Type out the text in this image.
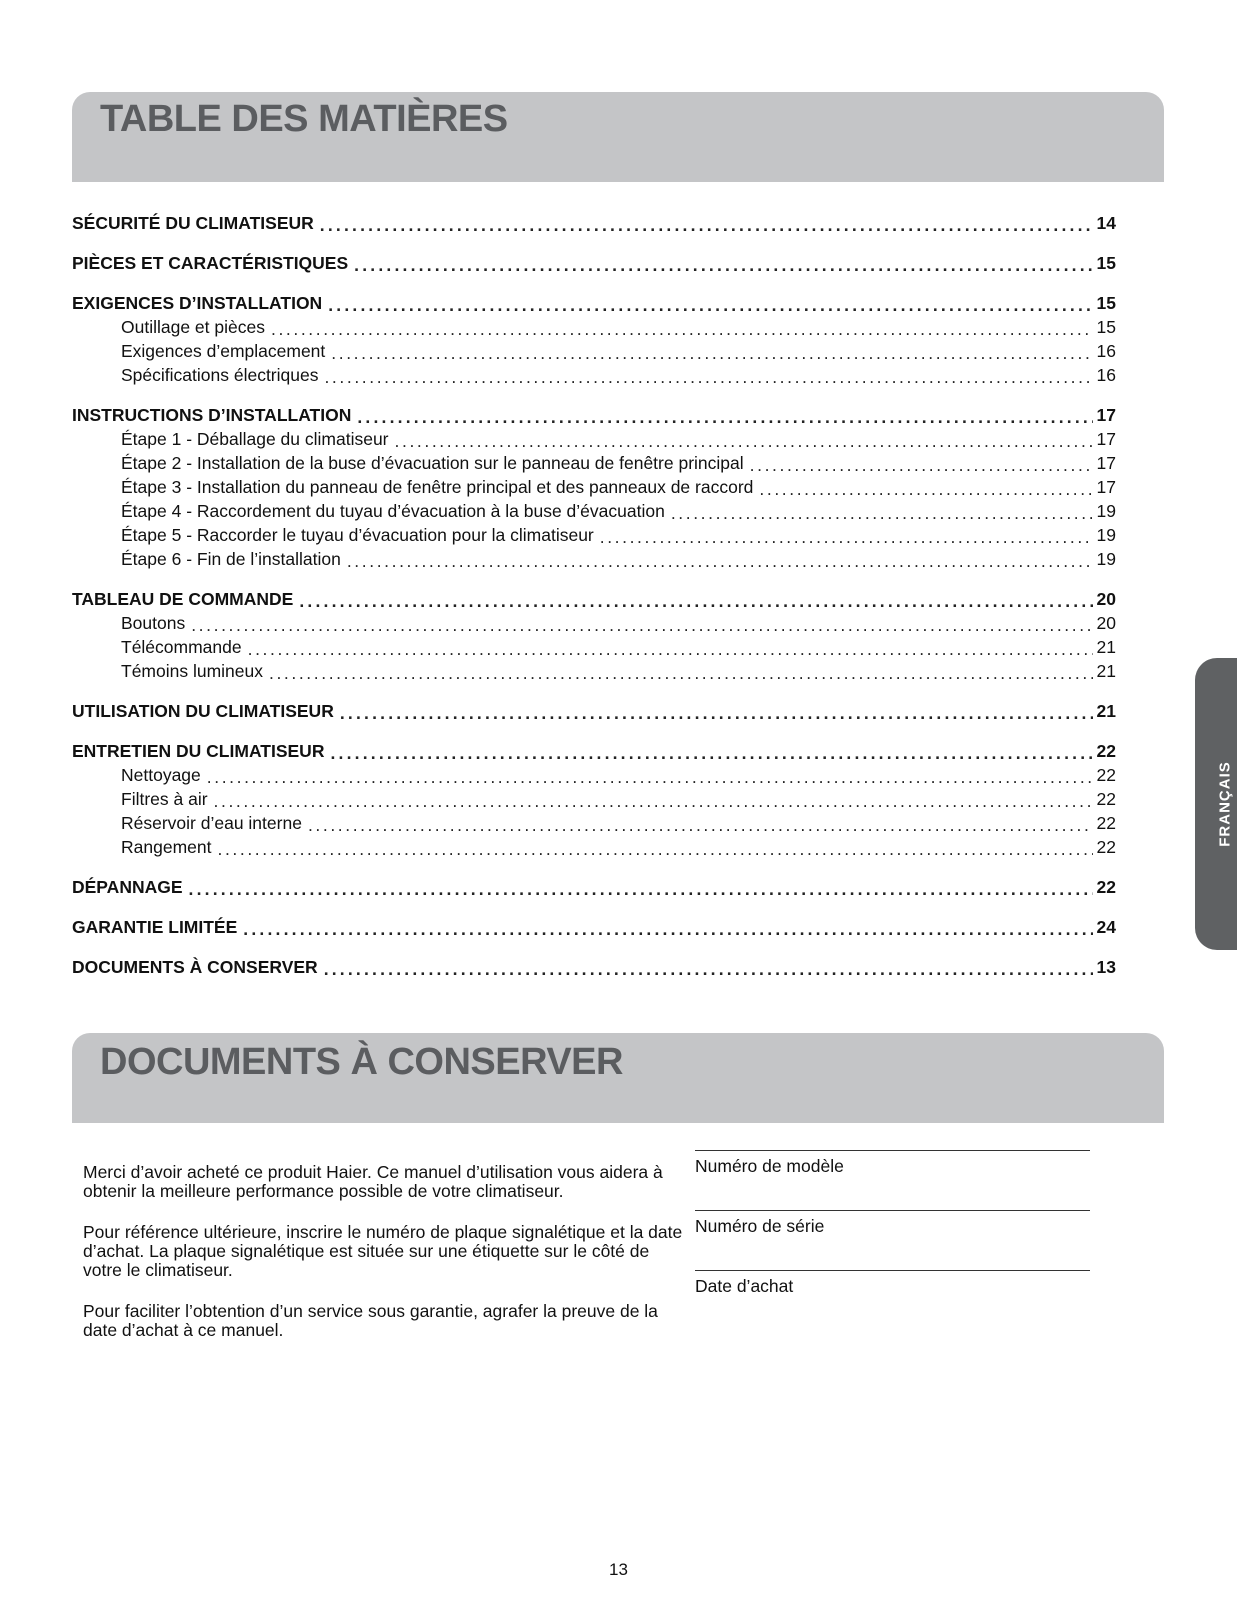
TABLE DES MATIÈRES
SÉCURITÉ DU CLIMATISEUR .....	14
PIÈCES ET CARACTÉRISTIQUES .....	15
EXIGENCES D’INSTALLATION .....	15
Outillage et pièces .....	15
Exigences d’emplacement .....	16
Spécifications électriques .....	16
INSTRUCTIONS D’INSTALLATION .....	17
Étape 1 - Déballage du climatiseur .....	17
Étape 2 - Installation de la buse d’évacuation sur le panneau de fenêtre principal .....	17
Étape 3 - Installation du panneau de fenêtre principal et des panneaux de raccord .....	17
Étape 4 - Raccordement du tuyau d’évacuation à la buse d’évacuation .....	19
Étape 5 - Raccorder le tuyau d’évacuation pour la climatiseur .....	19
Étape 6 - Fin de l’installation .....	19
TABLEAU DE COMMANDE .....	20
Boutons .....	20
Télécommande .....	21
Témoins lumineux .....	21
UTILISATION DU CLIMATISEUR .....	21
ENTRETIEN DU CLIMATISEUR .....	22
Nettoyage .....	22
Filtres à air .....	22
Réservoir d’eau interne .....	22
Rangement .....	22
DÉPANNAGE .....	22
GARANTIE LIMITÉE .....	24
DOCUMENTS À CONSERVER .....	13
DOCUMENTS À CONSERVER

Merci d’avoir acheté ce produit Haier. Ce manuel d’utilisation vous aidera à obtenir la meilleure performance possible de votre climatiseur.

Pour référence ultérieure, inscrire le numéro de plaque signalétique et la date d’achat. La plaque signalétique est située sur une étiquette sur le côté de votre le climatiseur.

Pour faciliter l’obtention d’un service sous garantie, agrafer la preuve de la date d’achat à ce manuel.

Numéro de modèle
Numéro de série
Date d’achat
FRANÇAIS
13
